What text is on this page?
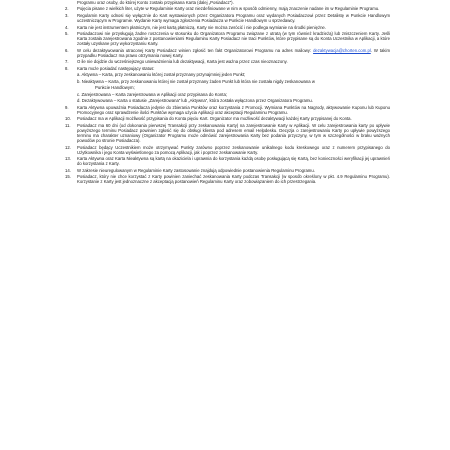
Programu oraz osoby, do której Konto zostało przypisana Karta (dalej „Posiadacz”).
2.	Pojęcia pisane z wielkich liter, użyte w Regulaminie Karty oraz niezdefiniowane w nim w sposób odmienny, mają znaczenie nadane im w Regulaminie Programu.
3.	Regulamin Karty odnosi się wyłącznie do Kart wystawionych przez Organizatora Programu oraz wydanych Posiadaczowi przez Detalistę w Punkcie Handlowym uczestniczącym w Programie. Wydanie Karty wymaga zgłoszenia Posiadacza w Punkcie Handlowym u sprzedawcy.
4.	Karta nie jest instrumentem płatniczym, nie jest kartą płatniczą. Karty nie można zwrócić i nie podlega wymianie na środki pieniężne.
5.	Posiadaczowi nie przysługują żadne roszczenia w stosunku do Organizatora Programu związane z utratą (w tym również kradzieżą) lub zniszczeniem Karty. Jeśli Karta została zarejestrowana zgodnie z postanowieniami Regulaminu Karty Posiadacz nie traci Punktów, które przypisane są do Konta Uczestnika w Aplikacji, a które zostały uzyskane przy wykorzystaniu Karty.
6.	W celu dezaktywowania utraconej Karty Posiadacz winien zgłosić ten fakt Organizatorowi Programu na adres mailowy: dezaktywacja@chorten.com.pl. W takim przypadku Posiadacz ma prawo otrzymania nowej Karty.
7.	O ile nie dojdzie do wcześniejszego unieważnienia lub dezaktywacji, Karta jest ważna przez czas nieoznaczony.
8.	Karta może posiadać następujący status:
a. Aktywna – Karta, przy zeskanowaniu której został przyznany przynajmniej jeden Punkt;
b. Nieaktywna – Karta, przy zeskanowaniu której nie został przyznany żaden Punkt lub która nie została nigdy zeskanowana w
Punkcie Handlowym;
c. Zarejestrowana – Karta zarejestrowana w Aplikacji oraz przypisana do Konta;
d. Dezaktywowana – Karta o statusie „Zarejestrowana” lub „Aktywna”, która została wyłączona przez Organizatora Programu.
9.	Karta Aktywna upoważnia Posiadacza jedynie do zbierania Punktów oraz korzystania z Promocji. Wymiana Punktów na Nagrody, aktywowanie Kuponu lub Kuponu Promocyjnego oraz sprawdzenie ilości Punktów wymaga użycia Aplikacji oraz akceptacji Regulaminu Programu.
10.	Posiadacz ma w Aplikacji możliwość przypisania do Konta pięciu Kart. Organizator ma możliwość dezaktywacji każdej Karty przypisanej do Konta.
11.	Posiadacz ma 60 dni (od dokonania pierwszej Transakcji przy zeskanowaniu Karty) na zarejestrowanie Karty w Aplikacji. W celu zarejestrowania karty po upływie powyższego terminu Posiadacz powinien zgłosić się do obsługi klienta pod adresem email Helpdesku. Decyzja o zarejestrowaniu Karty po upływie powyższego terminu ma charakter uznaniowy (Organizator Programu może odmówić zarejestrowania Karty bez podania przyczyny, w tym w szczególności w braku ważnych powodów po stronie Posiadacza).
12.	Posiadacz będący Uczestnikiem może otrzymywać Punkty zarówno poprzez zeskanowanie unikalnego kodu kreskowego oraz z numerem przypisanego do Użytkownika i jego Konta wyświetlonego za pomocą Aplikacji, jak i poprzez zeskanowanie Karty.
13.	Karta Aktywna oraz Karta Nieaktywna są kartą na okaziciela i uprawnia do korzystania każdą osobę posługującą się Kartą, bez konieczności weryfikacji jej uprawnień do korzystania z Karty.
14.	W zakresie nieuregulowanym w Regulaminie Karty zastosowanie znajdują odpowiednie postanowienia Regulaminu Programu.
15.	Posiadacz, który nie chce korzystać z Karty powinien zaniechać zeskanowania Karty podczas Transakcji (w sposób określony w pkt. 4.9 Regulaminu Programu). Korzystanie z Karty jest jednoznaczne z akceptacją postanowień Regulaminu Karty oraz zobowiązaniem do ich przestrzegania.
